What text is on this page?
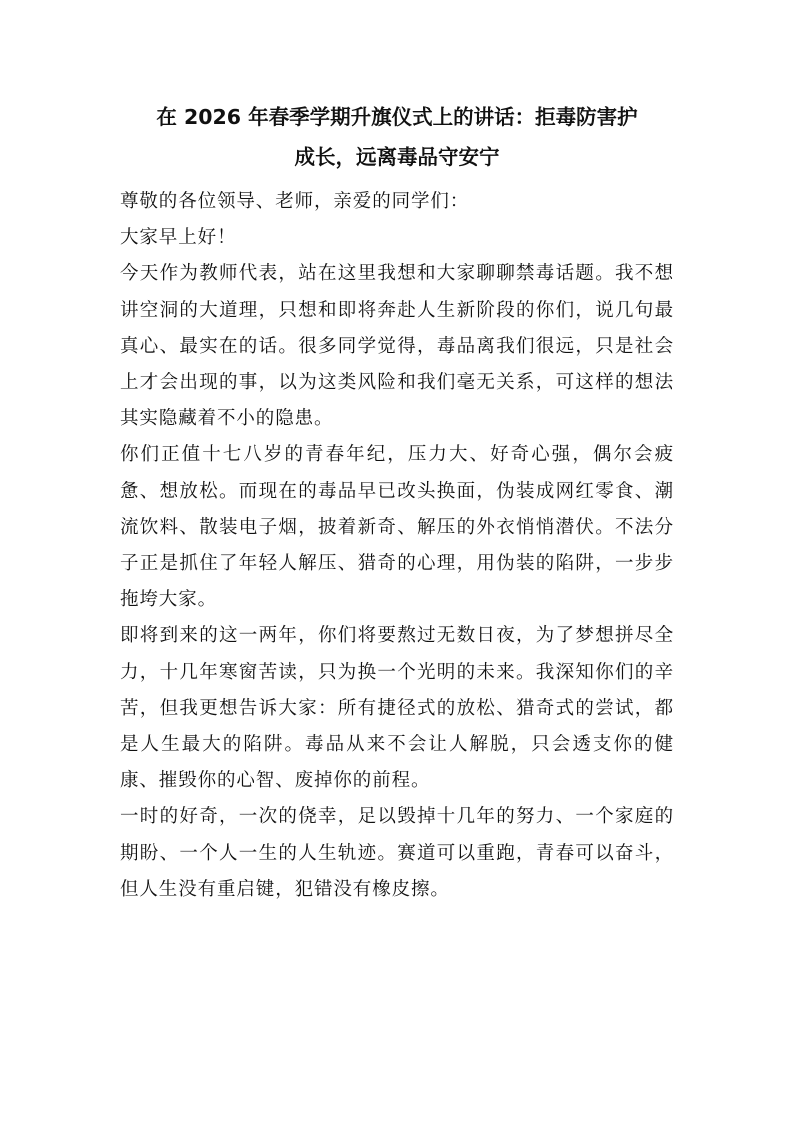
在 2026 年春季学期升旗仪式上的讲话：拒毒防害护
成长，远离毒品守安宁

尊敬的各位领导、老师，亲爱的同学们：

大家早上好！

今天作为教师代表，站在这里我想和大家聊聊禁毒话题。我不想讲空洞的大道理，只想和即将奔赴人生新阶段的你们，说几句最真心、最实在的话。很多同学觉得，毒品离我们很远，只是社会上才会出现的事，以为这类风险和我们毫无关系，可这样的想法其实隐藏着不小的隐患。

你们正值十七八岁的青春年纪，压力大、好奇心强，偶尔会疲惫、想放松。而现在的毒品早已改头换面，伪装成网红零食、潮流饮料、散装电子烟，披着新奇、解压的外衣悄悄潜伏。不法分子正是抓住了年轻人解压、猎奇的心理，用伪装的陷阱，一步步拖垮大家。

即将到来的这一两年，你们将要熬过无数日夜，为了梦想拼尽全力，十几年寒窗苦读，只为换一个光明的未来。我深知你们的辛苦，但我更想告诉大家：所有捷径式的放松、猎奇式的尝试，都是人生最大的陷阱。毒品从来不会让人解脱，只会透支你的健康、摧毁你的心智、废掉你的前程。

一时的好奇，一次的侥幸，足以毁掉十几年的努力、一个家庭的期盼、一个人一生的人生轨迹。赛道可以重跑，青春可以奋斗，但人生没有重启键，犯错没有橡皮擦。
